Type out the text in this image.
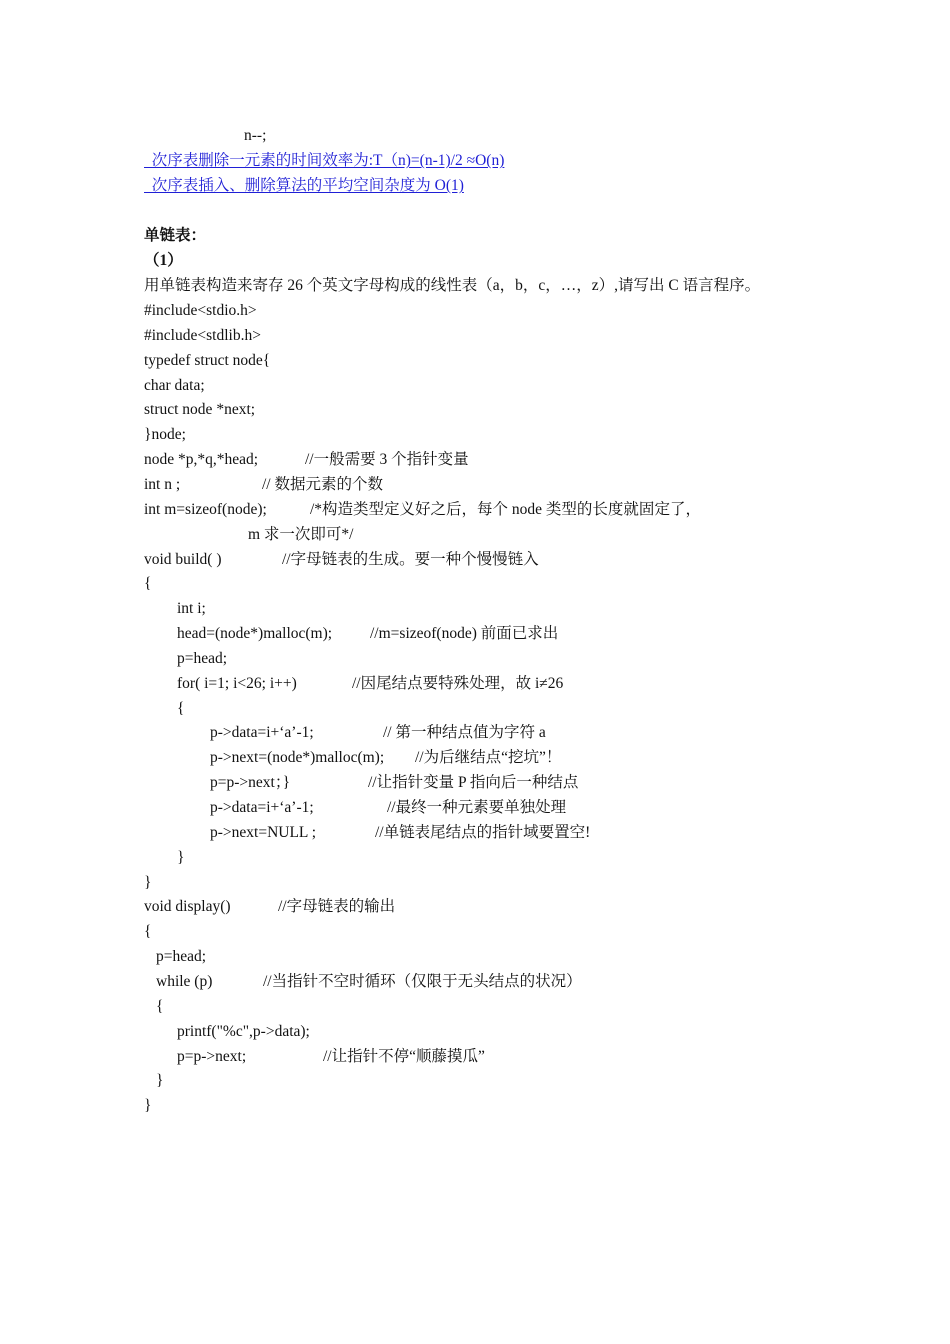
n--;
次序表删除一元素的时间效率为:T（n)=(n-1)/2 ≈O(n)
次序表插入、删除算法的平均空间杂度为 O(1)
单链表：
（1）
用单链表构造来寄存 26 个英文字母构成的线性表（a，b，c，…，z）,请写出 C 语言程序。
#include<stdio.h>
#include<stdlib.h>
typedef struct node{
char data;
struct node *next;
}node;
node *p,*q,*head;	//一般需要 3 个指针变量
int n ;	// 数据元素的个数
int m=sizeof(node);	/*构造类型定义好之后，每个 node 类型的长度就固定了，
m 求一次即可*/
void build( )	//字母链表的生成。要一种个慢慢链入
{
int i;
head=(node*)malloc(m); //m=sizeof(node) 前面已求出
p=head;
for( i=1; i<26; i++)	//因尾结点要特殊处理，故 i≠26
{
p->data=i+‘a’-1;	// 第一种结点值为字符 a
p->next=(node*)malloc(m); //为后继结点“挖坑”！
p=p->next；}	//让指针变量 P 指向后一种结点
p->data=i+‘a’-1;	//最终一种元素要单独处理
p->next=NULL ;	//单链表尾结点的指针域要置空!
}
}
void display()	//字母链表的输出
{
p=head;
while (p)	//当指针不空时循环（仅限于无头结点的状况）
{
printf("%c",p->data);
p=p->next;	//让指针不停“顺藤摸瓜”
}
}
